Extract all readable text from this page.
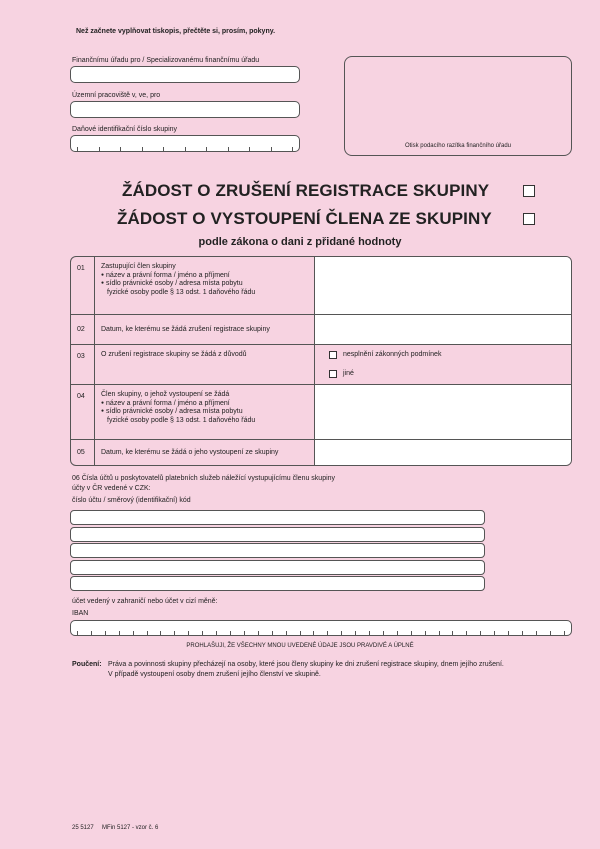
Než začnete vyplňovat tiskopis, přečtěte si, prosím, pokyny.
Finančnímu úřadu pro / Specializovanému finančnímu úřadu
Územní pracoviště v, ve, pro
Daňové identifikační číslo skupiny
Otisk podacího razítka finančního úřadu
ŽÁDOST O ZRUŠENÍ REGISTRACE SKUPINY
ŽÁDOST O VYSTOUPENÍ ČLENA ZE SKUPINY
podle zákona o dani z přidané hodnoty
01	Zastupující člen skupiny
● název a právní forma / jméno a příjmení
● sídlo právnické osoby / adresa místa pobytu
fyzické osoby podle § 13 odst. 1 daňového řádu
02	Datum, ke kterému se žádá zrušení registrace skupiny
03	O zrušení registrace skupiny se žádá z důvodů	nesplnění zákonných podmínek
jiné
04	Člen skupiny, o jehož vystoupení se žádá
● název a právní forma / jméno a příjmení
● sídlo právnické osoby / adresa místa pobytu
fyzické osoby podle § 13 odst. 1 daňového řádu
05	Datum, ke kterému se žádá o jeho vystoupení ze skupiny
06 Čísla účtů u poskytovatelů platebních služeb náležící vystupujícímu členu skupiny
účty v ČR vedené v CZK:
číslo účtu / směrový (identifikační) kód
účet vedený v zahraničí nebo účet v cizí měně:
IBAN
PROHLAŠUJI, ŽE VŠECHNY MNOU UVEDENÉ ÚDAJE JSOU PRAVDIVÉ A ÚPLNÉ
Poučení: Práva a povinnosti skupiny přecházejí na osoby, které jsou členy skupiny ke dni zrušení registrace skupiny, dnem jejího zrušení.
V případě vystoupení osoby dnem zrušení jejího členství ve skupině.
25 5127 MFin 5127 - vzor č. 6
